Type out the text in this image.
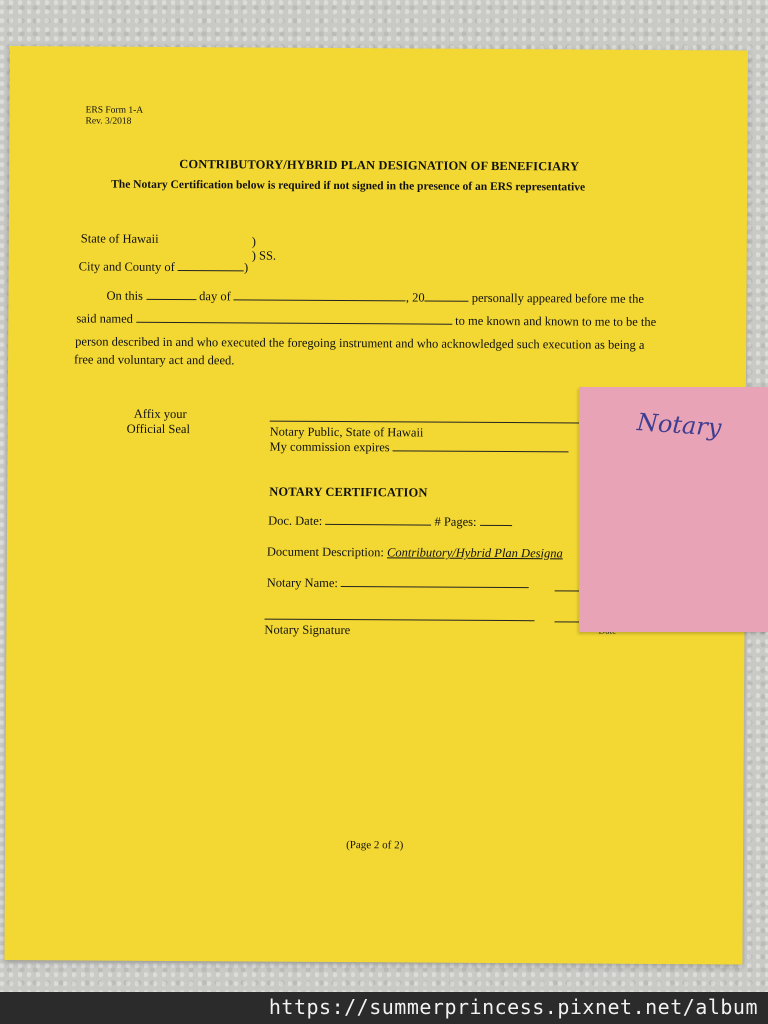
ERS Form 1-A
Rev. 3/2018
CONTRIBUTORY/HYBRID PLAN DESIGNATION OF BENEFICIARY
The Notary Certification below is required if not signed in the presence of an ERS representative
State of Hawaii	)
) SS.
City and County of	)
On this	day of	, 20	personally appeared before me the
said named	to me known and known to me to be the
person described in and who executed the foregoing instrument and who acknowledged such execution as being a
free and voluntary act and deed.
Affix your
Official Seal	Notary Public, State of Hawaii
My commission expires
NOTARY CERTIFICATION
Doc. Date:	# Pages:
Document Description: Contributory/Hybrid Plan Designa
Notary Name:
Notary Signature
(Page 2 of 2)
Notary
https://summerprincess.pixnet.net/album
